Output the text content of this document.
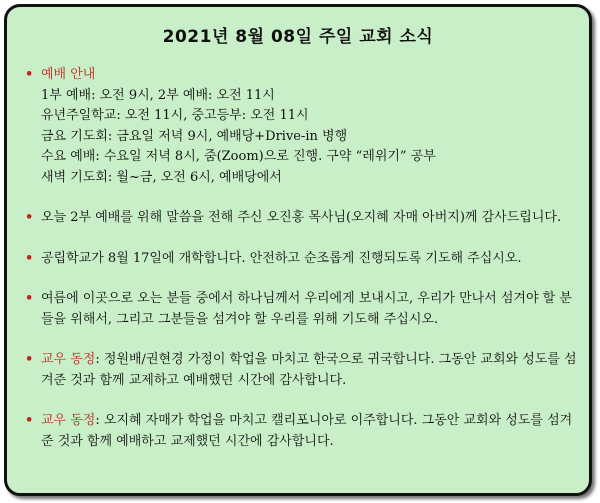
2021년 8월 08일 주일 교회 소식
• 예배 안내
1부 예배: 오전 9시, 2부 예배: 오전 11시
유년주일학교: 오전 11시, 중고등부: 오전 11시
금요 기도회: 금요일 저녁 9시, 예배당+Drive-in 병행
수요 예배: 수요일 저녁 8시, 줌(Zoom)으로 진행. 구약 “레위기” 공부
새벽 기도회: 월~금, 오전 6시, 예배당에서
• 오늘 2부 예배를 위해 말씀을 전해 주신 오진홍 목사님(오지혜 자매 아버지)께 감사드립니다.
• 공립학교가 8월 17일에 개학합니다. 안전하고 순조롭게 진행되도록 기도해 주십시오.
• 여름에 이곳으로 오는 분들 중에서 하나님께서 우리에게 보내시고, 우리가 만나서 섬겨야 할 분들을 위해서, 그리고 그분들을 섬겨야 할 우리를 위해 기도해 주십시오.
• 교우 동정: 정원배/권현경 가정이 학업을 마치고 한국으로 귀국합니다. 그동안 교회와 성도를 섬겨준 것과 함께 교제하고 예배했던 시간에 감사합니다.
• 교우 동정: 오지혜 자매가 학업을 마치고 캘리포니아로 이주합니다. 그동안 교회와 성도를 섬겨준 것과 함께 예배하고 교제했던 시간에 감사합니다.
